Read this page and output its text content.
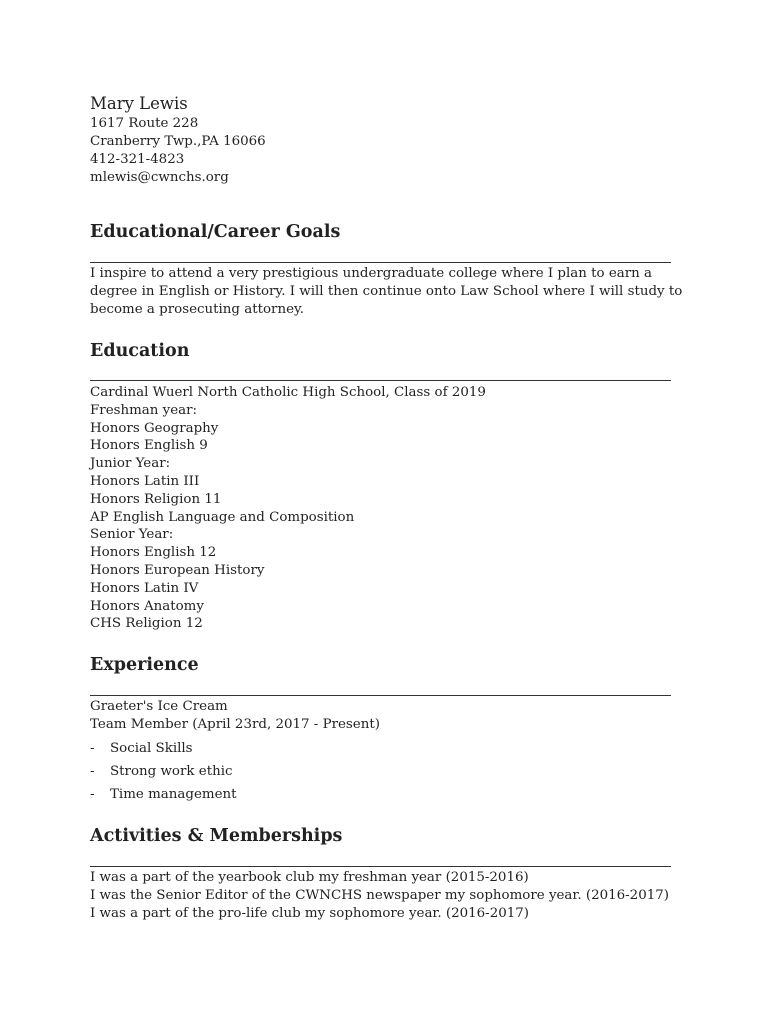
Mary Lewis
1617 Route 228
Cranberry Twp.,PA 16066
412-321-4823
mlewis@cwnchs.org
Educational/Career Goals
I inspire to attend a very prestigious undergraduate college where I plan to earn a
degree in English or History. I will then continue onto Law School where I will study to
become a prosecuting attorney.
Education
Cardinal Wuerl North Catholic High School, Class of 2019
Freshman year:
Honors Geography
Honors English 9
Junior Year:
Honors Latin III
Honors Religion 11
AP English Language and Composition
Senior Year:
Honors English 12
Honors European History
Honors Latin IV
Honors Anatomy
CHS Religion 12
Experience
Graeter's Ice Cream
Team Member (April 23rd, 2017 - Present)
-	Social Skills
-	Strong work ethic
-	Time management
Activities & Memberships
I was a part of the yearbook club my freshman year (2015-2016)
I was the Senior Editor of the CWNCHS newspaper my sophomore year. (2016-2017)
I was a part of the pro-life club my sophomore year. (2016-2017)
